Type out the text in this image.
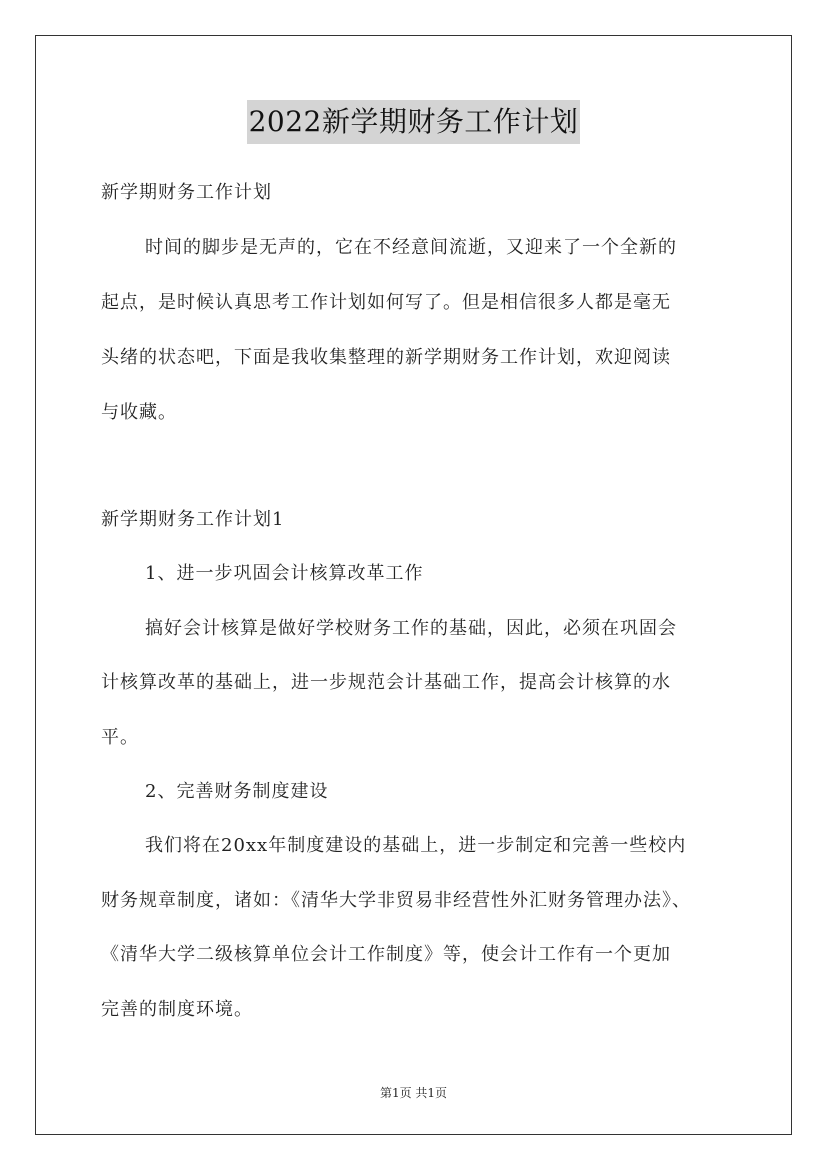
2022新学期财务工作计划
新学期财务工作计划
时间的脚步是无声的，它在不经意间流逝，又迎来了一个全新的
起点，是时候认真思考工作计划如何写了。但是相信很多人都是毫无
头绪的状态吧，下面是我收集整理的新学期财务工作计划，欢迎阅读
与收藏。
新学期财务工作计划1
1、进一步巩固会计核算改革工作
搞好会计核算是做好学校财务工作的基础，因此，必须在巩固会
计核算改革的基础上，进一步规范会计基础工作，提高会计核算的水
平。
2、完善财务制度建设
我们将在20xx年制度建设的基础上，进一步制定和完善一些校内
财务规章制度，诸如：《清华大学非贸易非经营性外汇财务管理办法》、
《清华大学二级核算单位会计工作制度》等，使会计工作有一个更加
完善的制度环境。
第1页 共1页
